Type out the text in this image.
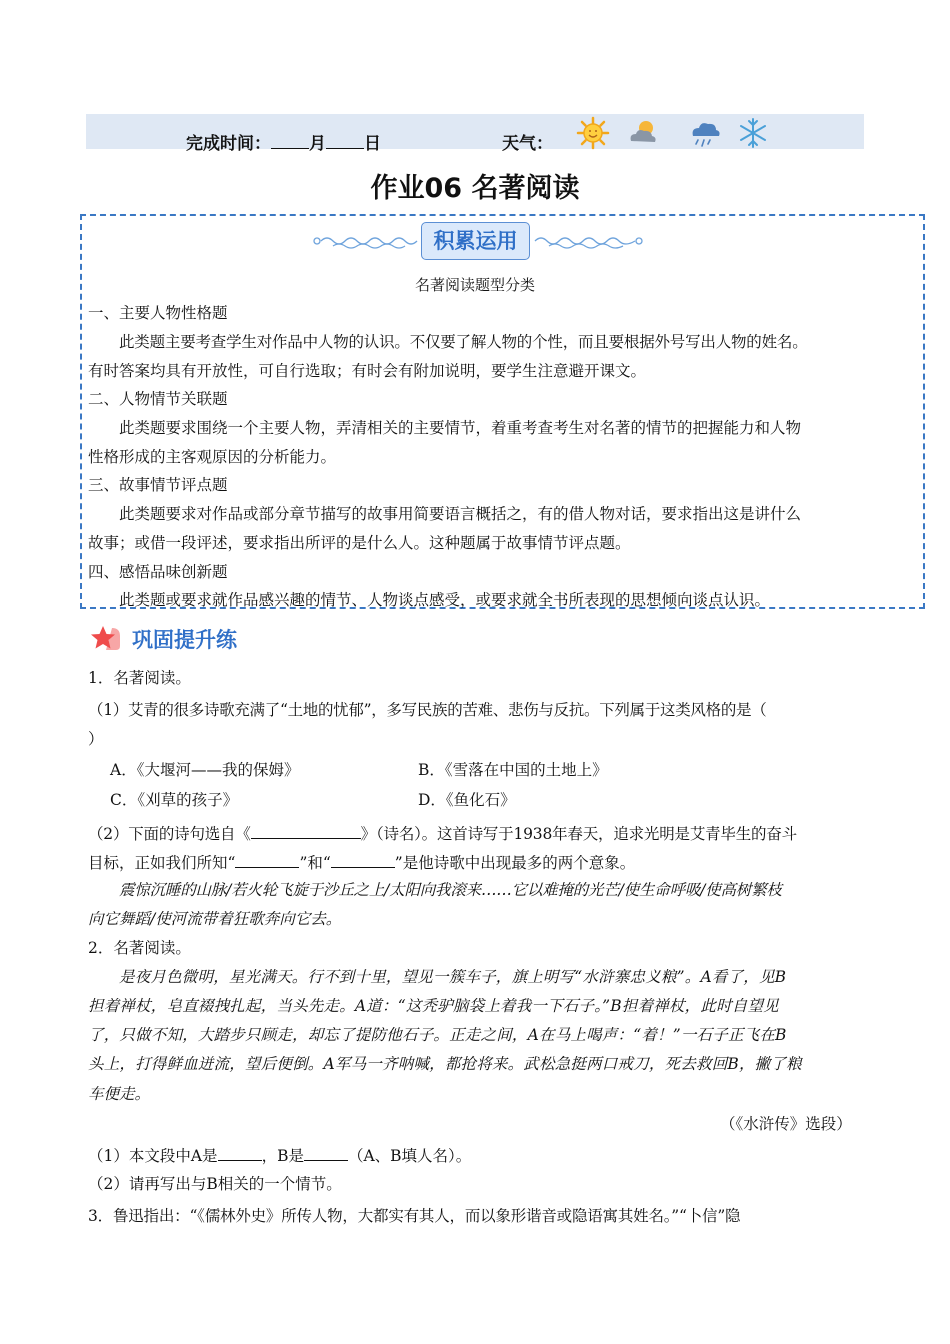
完成时间： 月 日	天气：
作业06 名著阅读
积累运用
名著阅读题型分类
一、主要人物性格题
此类题主要考查学生对作品中人物的认识。不仅要了解人物的个性，而且要根据外号写出人物的姓名。
有时答案均具有开放性，可自行选取；有时会有附加说明，要学生注意避开课文。
二、人物情节关联题
此类题要求围绕一个主要人物，弄清相关的主要情节，着重考查考生对名著的情节的把握能力和人物
性格形成的主客观原因的分析能力。
三、故事情节评点题
此类题要求对作品或部分章节描写的故事用简要语言概括之，有的借人物对话，要求指出这是讲什么
故事；或借一段评述，要求指出所评的是什么人。这种题属于故事情节评点题。
四、感悟品味创新题
此类题或要求就作品感兴趣的情节、人物谈点感受，或要求就全书所表现的思想倾向谈点认识。
巩固提升练
1．名著阅读。
（1）艾青的很多诗歌充满了“土地的忧郁”，多写民族的苦难、悲伤与反抗。下列属于这类风格的是（
）
A．《大堰河——我的保姆》	B．《雪落在中国的土地上》
C．《刈草的孩子》	D．《鱼化石》
（2）下面的诗句选自《	》（诗名）。这首诗写于1938年春天，追求光明是艾青毕生的奋斗
目标，正如我们所知“	”和“	”是他诗歌中出现最多的两个意象。
震惊沉睡的山脉/若火轮飞旋于沙丘之上/太阳向我滚来……它以难掩的光芒/使生命呼吸/使高树繁枝
向它舞蹈/使河流带着狂歌奔向它去。
2．名著阅读。
是夜月色微明，星光满天。行不到十里，望见一簇车子，旗上明写“水浒寨忠义粮”。A看了，见B
担着禅杖，皂直裰拽扎起，当头先走。A道：“这秃驴脑袋上着我一下石子。”B担着禅杖，此时自望见
了，只做不知，大踏步只顾走，却忘了提防他石子。正走之间，A在马上喝声：“着！”一石子正飞在B
头上，打得鲜血迸流，望后便倒。A军马一齐呐喊，都抢将来。武松急挺两口戒刀，死去救回B，撇了粮
车便走。
（《水浒传》选段）
（1）本文段中A是	，B是	（A、B填人名）。
（2）请再写出与B相关的一个情节。
3．鲁迅指出：“《儒林外史》所传人物，大都实有其人，而以象形谐音或隐语寓其姓名。”“卜信”隐
